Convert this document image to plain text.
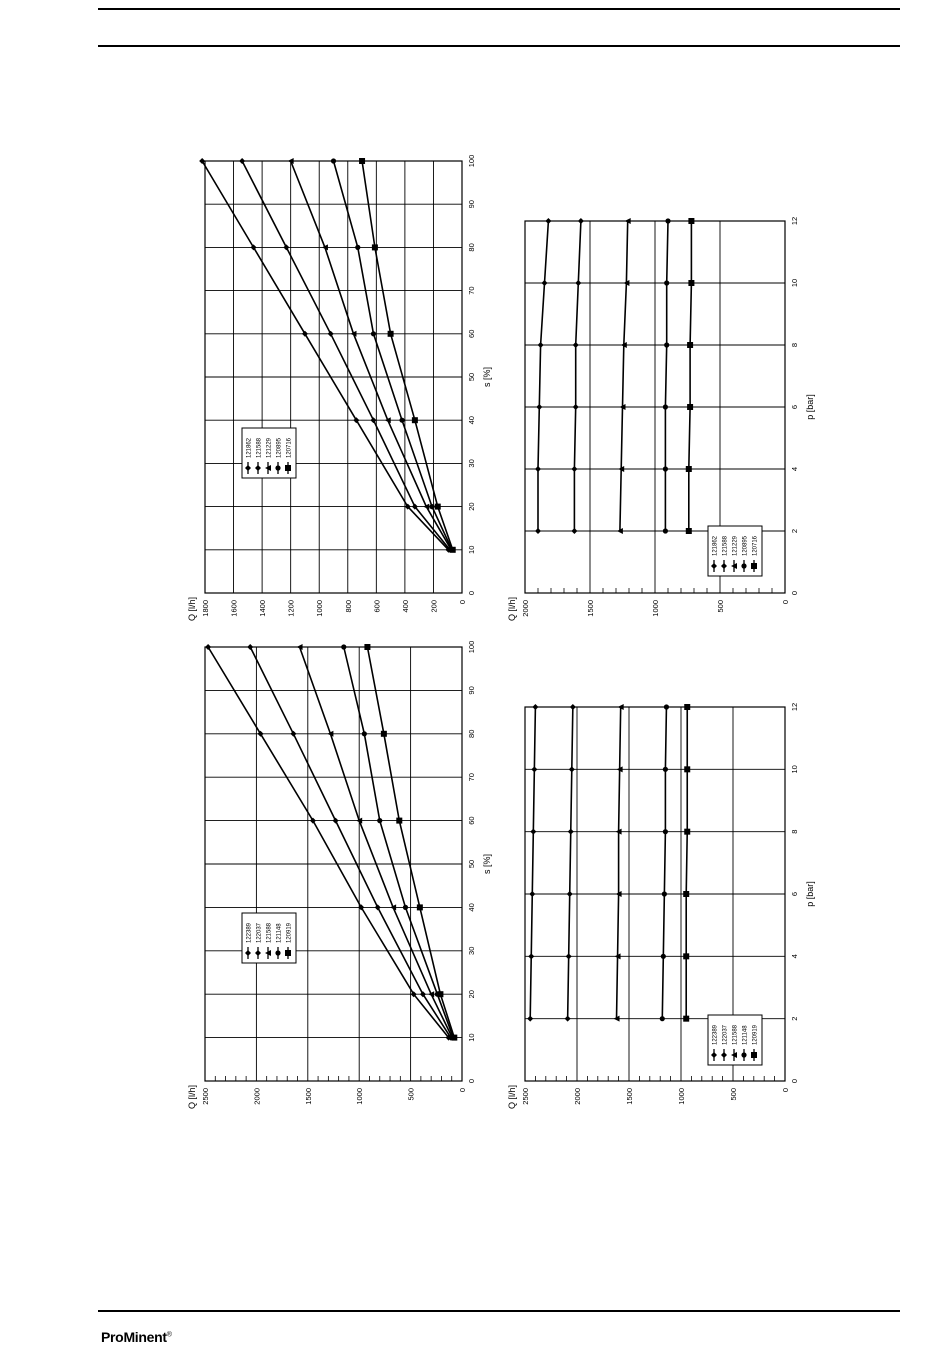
0
10
20
30
40
50
60
70
80
90
100
0
200
400
600
800
1000
1200
1400
1600
1800
s [%]
Q [l/h]
121862 121588 121229 120895 120716
0
2
4
6
8
10
12
0
500
1000
1500
2000
p [bar]
Q [l/h]
121862 121588 121229 120895 120716
0
10
20
30
40
50
60
70
80
90
100
0
500
1000
1500
2000
2500
s [%]
Q [l/h]
122389 122037 121588 121148 120919
0
2
4
6
8
10
12
0
500
1000
1500
2000
2500
p [bar]
Q [l/h]
122389 122037 121588 121148 120919
ProMinent®
